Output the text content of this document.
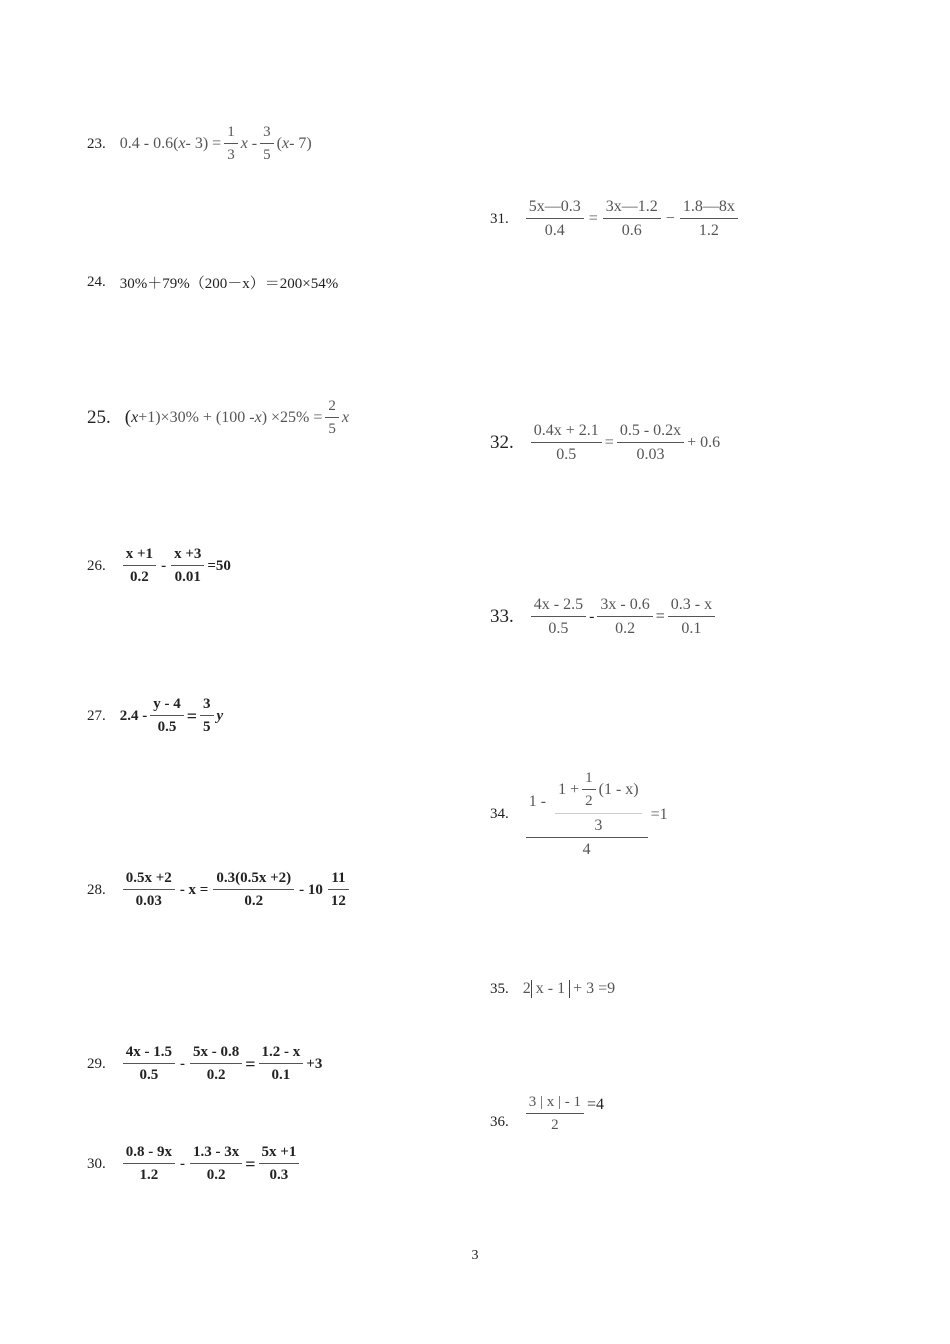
23. 0.4 - 0.6( $x - 3) = \frac{1}{3}$ x - $\frac{3}{5}$ ( x - 7)
24. 30%＋79%（200－x）＝200×54%
25. ( x +1)×30% + (100 - x ) $\times 25\% = \frac{2}{5}$ x
26. $\frac{x +1}{0.2} - \frac{x +3}{0.01} =50$
27. $2.4 - \frac{y - 4}{0.5} = \frac{3}{5}$ y
28. $\frac{0.5x +2}{0.03} - x = \frac{0.3(0.5x +2)}{0.2} - 10 \frac{11}{12}$
29. $\frac{4x - 1.5}{0.5} - \frac{5x - 0.8}{0.2} = \frac{1.2 - x}{0.1} +3$
30. $\frac{0.8 - 9x}{1.2} - \frac{1.3 - 3x}{0.2} = \frac{5x +1}{0.3}$
31. $\frac{5x—0.3}{0.4} = \frac{3x—1.2}{0.6} - \frac{1.8—8x}{1.2}$
32. $\frac{0.4x + 2.1}{0.5} = \frac{0.5 - 0.2x}{0.03} + 0.6$
33. $\frac{4x - 2.5}{0.5} - \frac{3x - 0.6}{0.2} = \frac{0.3 - x}{0.1}$
34.
1 -
$1 + \frac{1}{2} (1 - x)$
3
4
=1
35. 2 x - 1 + 3 =9
36. $\frac{3 | x | - 1}{2} =4$
3
